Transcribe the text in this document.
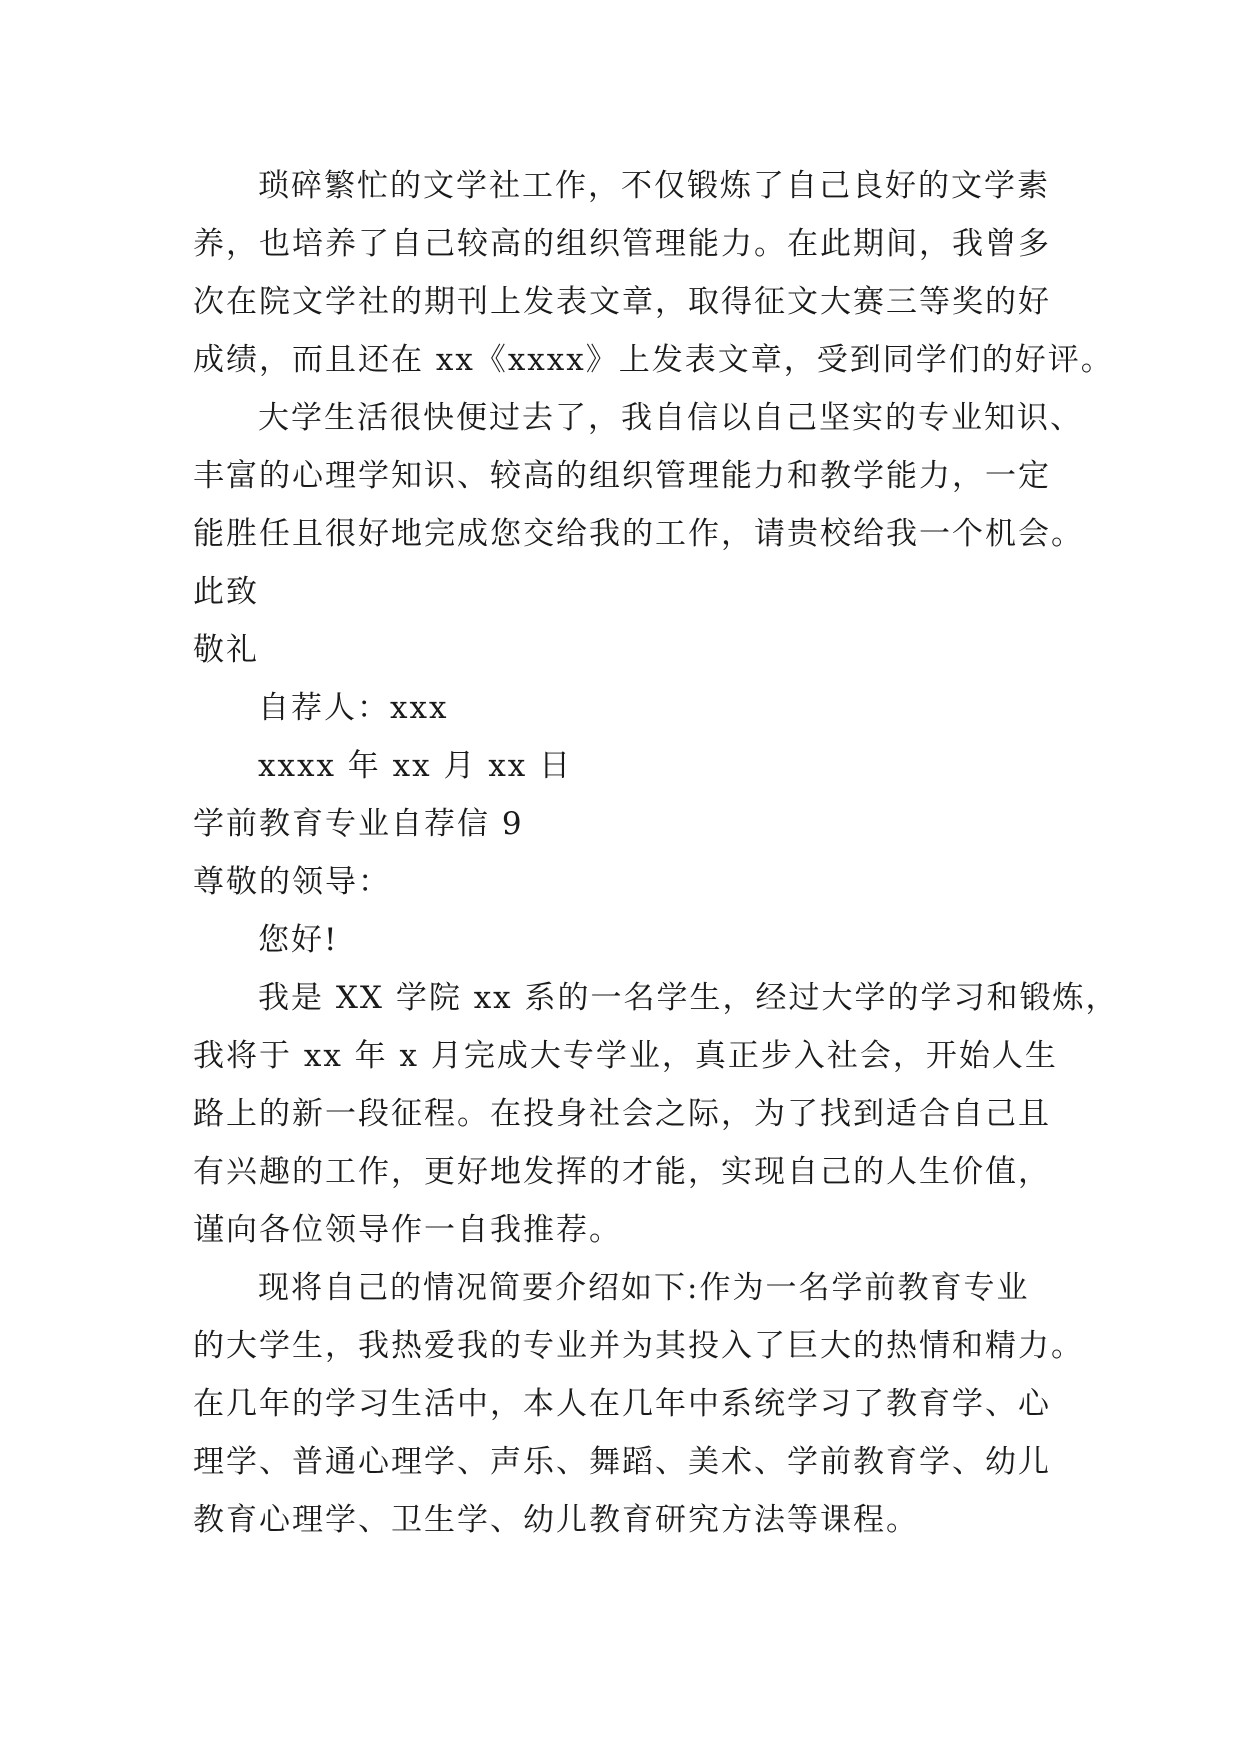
琐碎繁忙的文学社工作，不仅锻炼了自己良好的文学素
养，也培养了自己较高的组织管理能力。在此期间，我曾多
次在院文学社的期刊上发表文章，取得征文大赛三等奖的好
成绩，而且还在 xx《xxxx》上发表文章，受到同学们的好评。
大学生活很快便过去了，我自信以自己坚实的专业知识、
丰富的心理学知识、较高的组织管理能力和教学能力，一定
能胜任且很好地完成您交给我的工作，请贵校给我一个机会。
此致
敬礼
自荐人：xxx
xxxx 年 xx 月 xx 日
学前教育专业自荐信 9
尊敬的领导：
您好!
我是 XX 学院 xx 系的一名学生，经过大学的学习和锻炼，
我将于 xx 年 x 月完成大专学业，真正步入社会，开始人生
路上的新一段征程。在投身社会之际，为了找到适合自己且
有兴趣的工作，更好地发挥的才能，实现自己的人生价值，
谨向各位领导作一自我推荐。
现将自己的情况简要介绍如下:作为一名学前教育专业
的大学生，我热爱我的专业并为其投入了巨大的热情和精力。
在几年的学习生活中，本人在几年中系统学习了教育学、心
理学、普通心理学、声乐、舞蹈、美术、学前教育学、幼儿
教育心理学、卫生学、幼儿教育研究方法等课程。
